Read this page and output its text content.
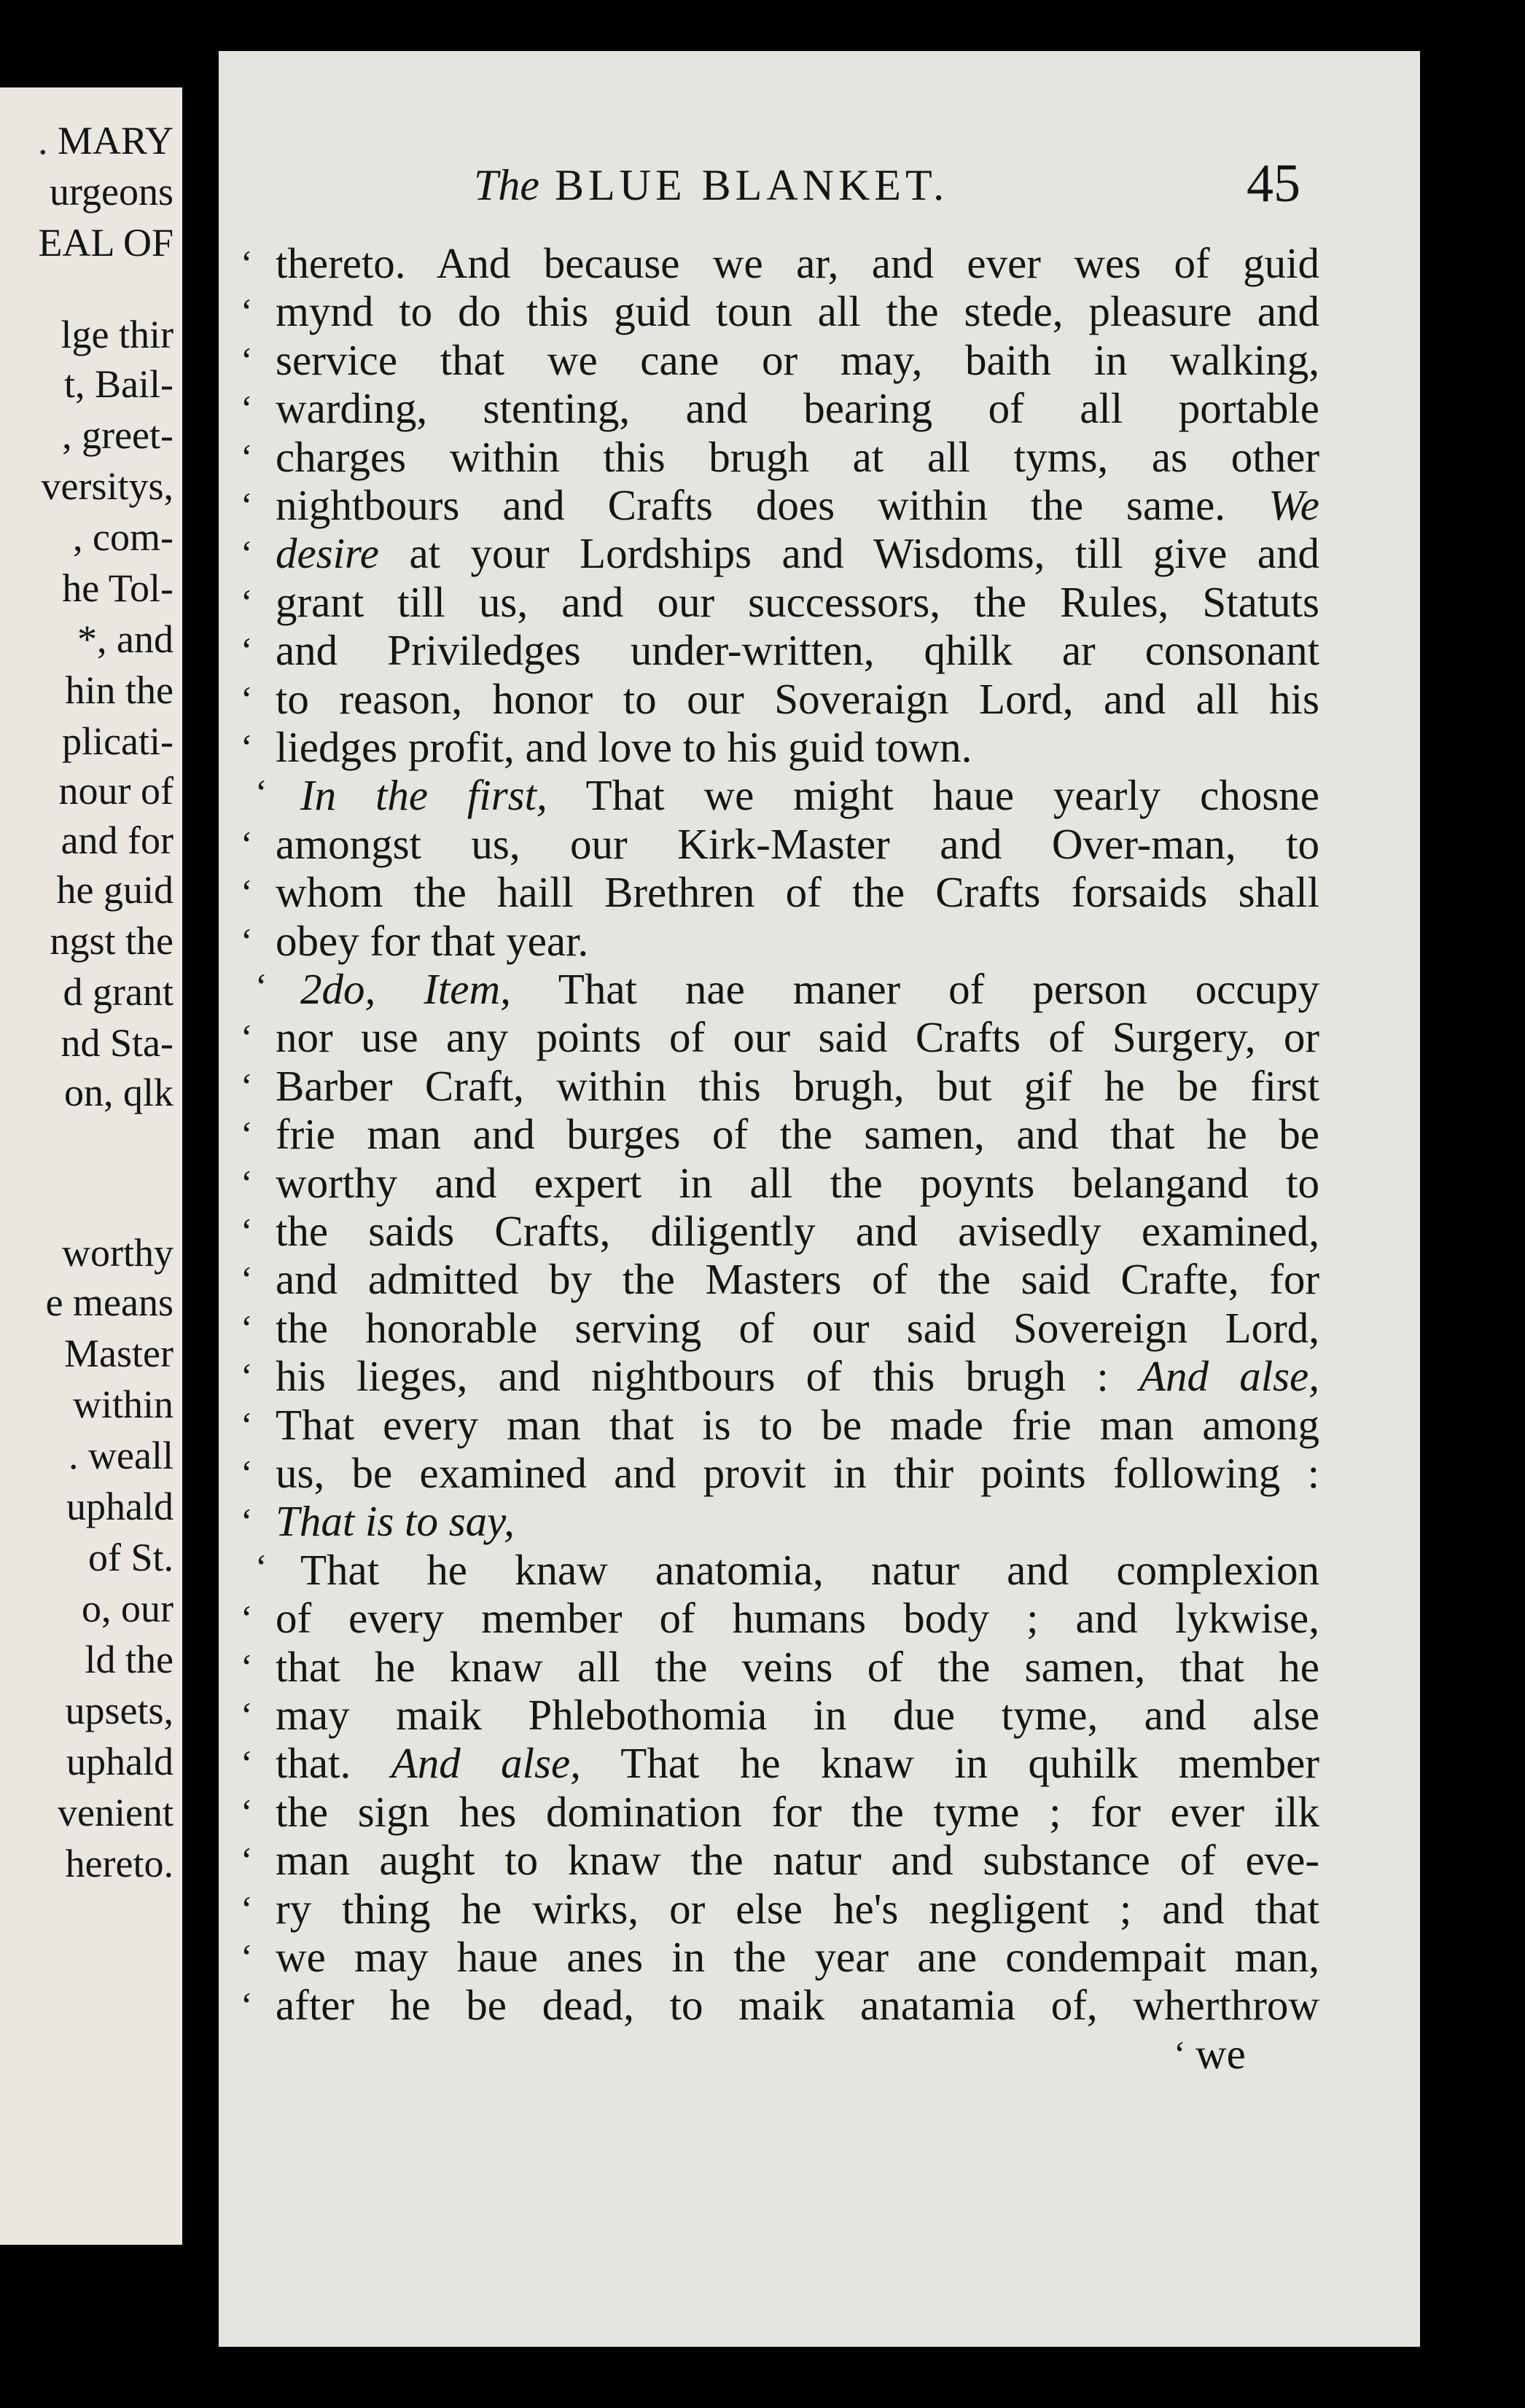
. MARY
urgeons
EAL OF
lge thir
t, Bail-
, greet-
versitys,
, com-
he Tol-
*, and
hin the
plicati-
nour of
and for
he guid
ngst the
d grant
nd Sta-
on, qlk
worthy
e means
Master
within
. weall
uphald
of St.
o, our
ld the
upsets,
uphald
venient
hereto.
The BLUE BLANKET.	45
‘ thereto. And because we ar, and ever wes of guid
‘ mynd to do this guid toun all the stede, pleasure and
‘ service that we cane or may, baith in walking,
‘ warding, stenting, and bearing of all portable
‘ charges within this brugh at all tyms, as other
‘ nightbours and Crafts does within the same. We
‘ desire at your Lordships and Wisdoms, till give and
‘ grant till us, and our successors, the Rules, Statuts
‘ and Priviledges under-written, qhilk ar consonant
‘ to reason, honor to our Soveraign Lord, and all his
‘ liedges profit, and love to his guid town.
‘ In the first, That we might haue yearly chosne
‘ amongst us, our Kirk-Master and Over-man, to
‘ whom the haill Brethren of the Crafts forsaids shall
‘ obey for that year.
‘ 2do, Item, That nae maner of person occupy
‘ nor use any points of our said Crafts of Surgery, or
‘ Barber Craft, within this brugh, but gif he be first
‘ frie man and burges of the samen, and that he be
‘ worthy and expert in all the poynts belangand to
‘ the saids Crafts, diligently and avisedly examined,
‘ and admitted by the Masters of the said Crafte, for
‘ the honorable serving of our said Sovereign Lord,
‘ his lieges, and nightbours of this brugh : And alse,
‘ That every man that is to be made frie man among
‘ us, be examined and provit in thir points following :
‘ That is to say,
‘ That he knaw anatomia, natur and complexion
‘ of every member of humans body ; and lykwise,
‘ that he knaw all the veins of the samen, that he
‘ may maik Phlebothomia in due tyme, and alse
‘ that. And alse, That he knaw in quhilk member
‘ the sign hes domination for the tyme ; for ever ilk
‘ man aught to knaw the natur and substance of eve-
‘ ry thing he wirks, or else he's negligent ; and that
‘ we may haue anes in the year ane condempait man,
‘ after he be dead, to maik anatamia of, wherthrow
‘ we
